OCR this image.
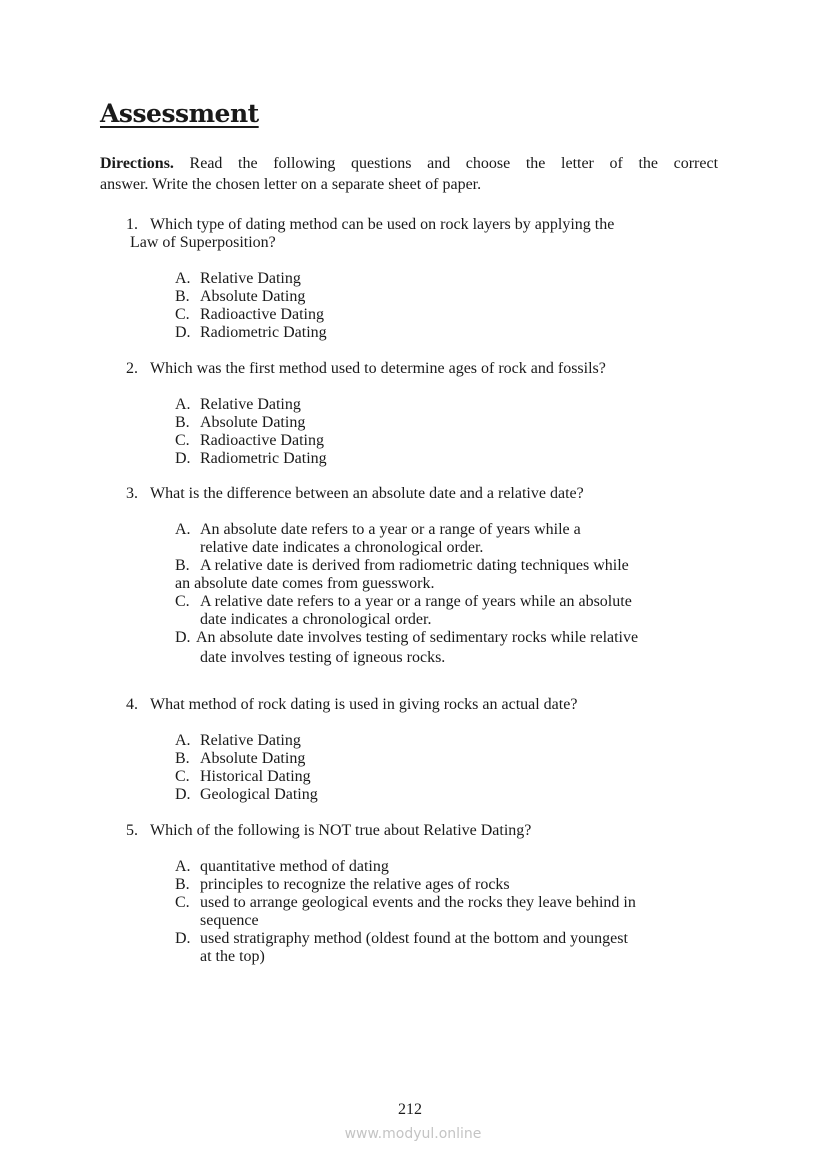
Assessment
Directions. Read the following questions and choose the letter of the correct
answer. Write the chosen letter on a separate sheet of paper.
1. Which type of dating method can be used on rock layers by applying the
Law of Superposition?
A. Relative Dating
B. Absolute Dating
C. Radioactive Dating
D. Radiometric Dating
2. Which was the first method used to determine ages of rock and fossils?
A. Relative Dating
B. Absolute Dating
C. Radioactive Dating
D. Radiometric Dating
3. What is the difference between an absolute date and a relative date?
A. An absolute date refers to a year or a range of years while a
relative date indicates a chronological order.
B. A relative date is derived from radiometric dating techniques while
an absolute date comes from guesswork.
C. A relative date refers to a year or a range of years while an absolute
date indicates a chronological order.
D. An absolute date involves testing of sedimentary rocks while relative
date involves testing of igneous rocks.
4. What method of rock dating is used in giving rocks an actual date?
A. Relative Dating
B. Absolute Dating
C. Historical Dating
D. Geological Dating
5. Which of the following is NOT true about Relative Dating?
A. quantitative method of dating
B. principles to recognize the relative ages of rocks
C. used to arrange geological events and the rocks they leave behind in
sequence
D. used stratigraphy method (oldest found at the bottom and youngest
at the top)
212
www.modyul.online
